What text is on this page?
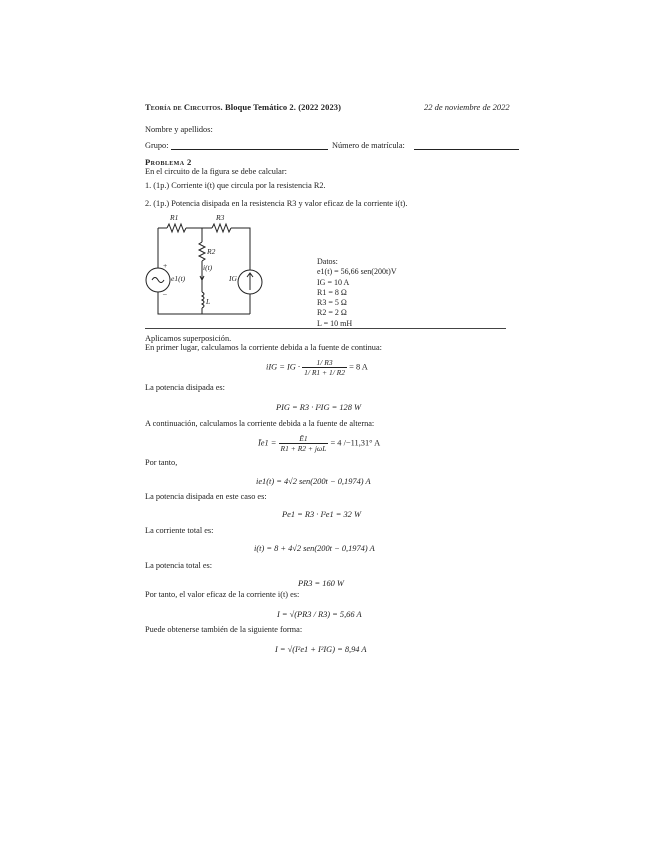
Teoría de Circuitos. Bloque Temático 2. (2022 2023)	22 de noviembre de 2022
Nombre y apellidos:
Grupo:	Número de matrícula:
Problema 2
En el circuito de la figura se debe calcular:
1. (1p.) Corriente i(t) que circula por la resistencia R2.
2. (1p.) Potencia disipada en la resistencia R3 y valor eficaz de la corriente i(t).
R1	R3
R2
i(t)
L
e1(t)	IG
+
–
Datos:
e1(t) = 56,66 sen(200t)V
IG = 10 A
R1 = 8 Ω
R3 = 5 Ω
R2 = 2 Ω
L = 10 mH
Aplicamos superposición.
En primer lugar, calculamos la corriente debida a la fuente de continua:
iIG = IG · $\frac{1/ R3}{1/ R1 + 1/ R2} = 8$ A
La potencia disipada es:
PIG = R3 · I²IG = 128 W
A continuación, calculamos la corriente debida a la fuente de alterna:
Īe1 = $\frac{Ē1}{\text{R1 + R2 + jωL}} = 4$ /−11,31° A
Por tanto,
ie1(t) = 4√2 sen(200t − 0,1974) A
La potencia disipada en este caso es:
Pe1 = R3 · I²e1 = 32 W
La corriente total es:
i(t) = 8 + 4√2 sen(200t − 0,1974) A
La potencia total es:
PR3 = 160 W
Por tanto, el valor eficaz de la corriente i(t) es:
I = √(PR3 / R3) = 5,66 A
Puede obtenerse también de la siguiente forma:
I = √(I²e1 + I²IG) = 8,94 A
